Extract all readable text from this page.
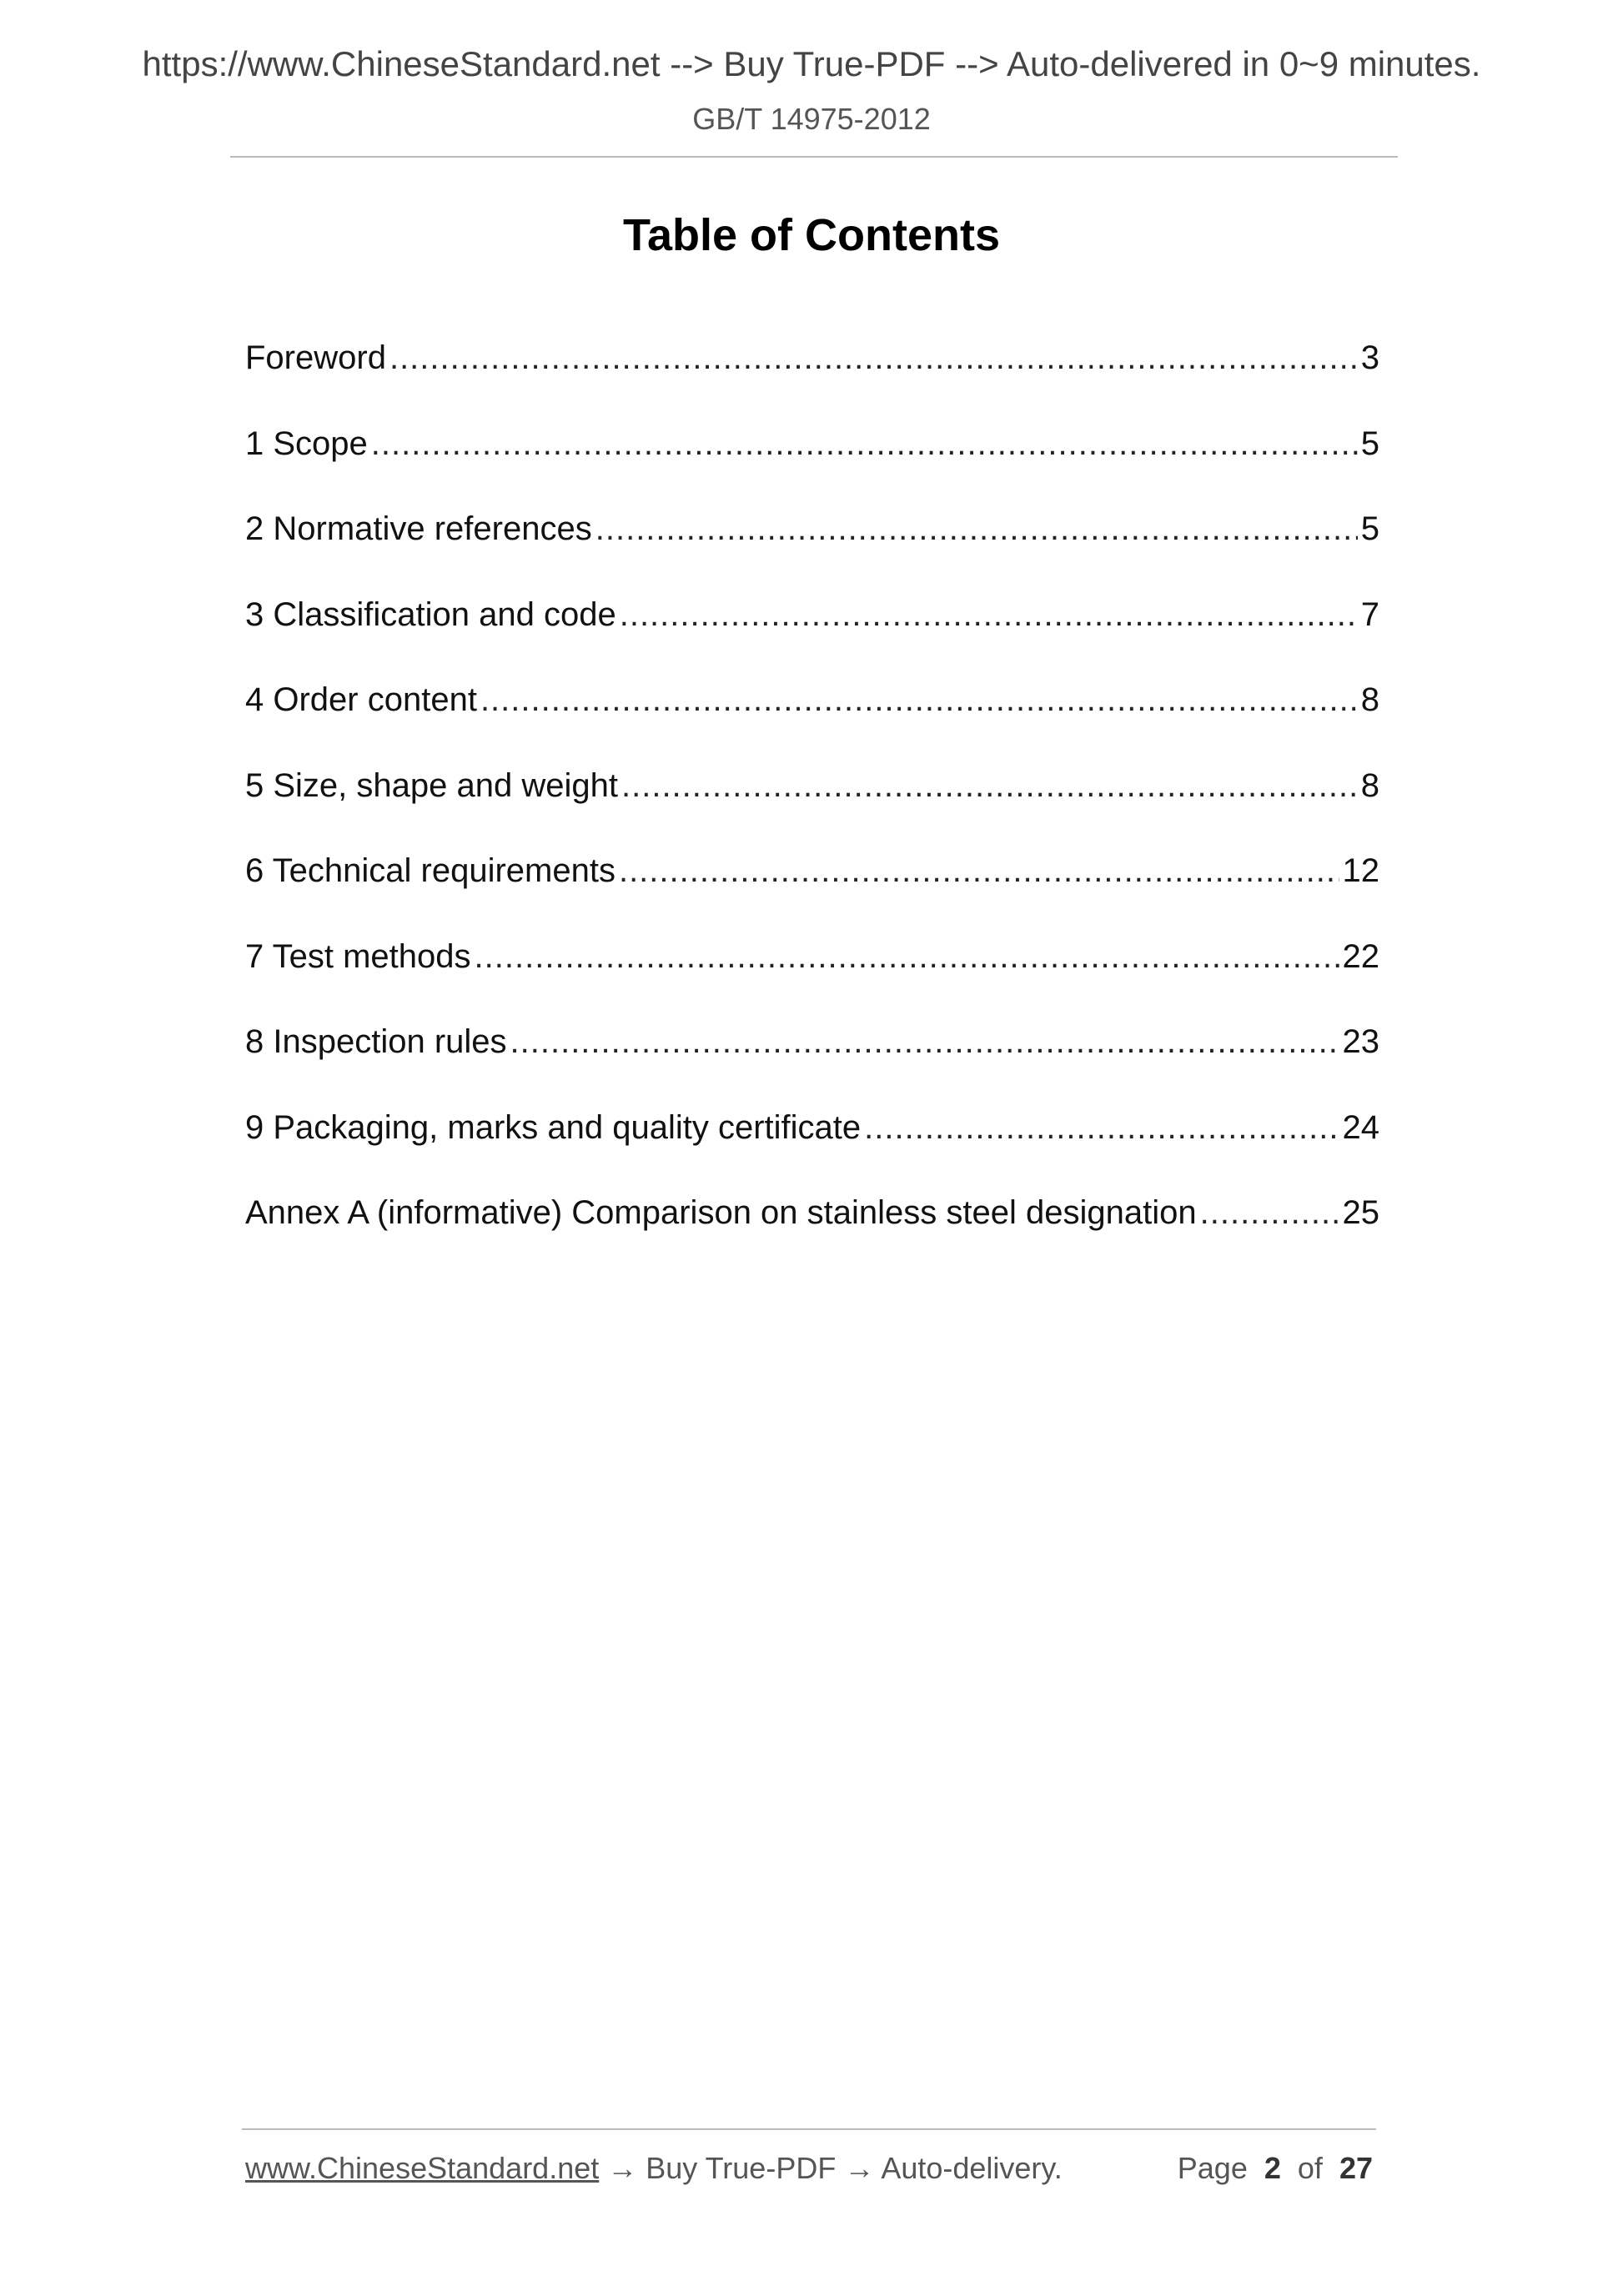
https://www.ChineseStandard.net --> Buy True-PDF --> Auto-delivered in 0~9 minutes.
GB/T 14975-2012
Table of Contents
Foreword .....	3
1 Scope .....	5
2 Normative references .....	5
3 Classification and code .....	7
4 Order content .....	8
5 Size, shape and weight .....	8
6 Technical requirements .....	12
7 Test methods .....	22
8 Inspection rules .....	23
9 Packaging, marks and quality certificate .....	24
Annex A (informative) Comparison on stainless steel designation .....	25
www.ChineseStandard.net → Buy True-PDF → Auto-delivery.	Page 2 of 27
